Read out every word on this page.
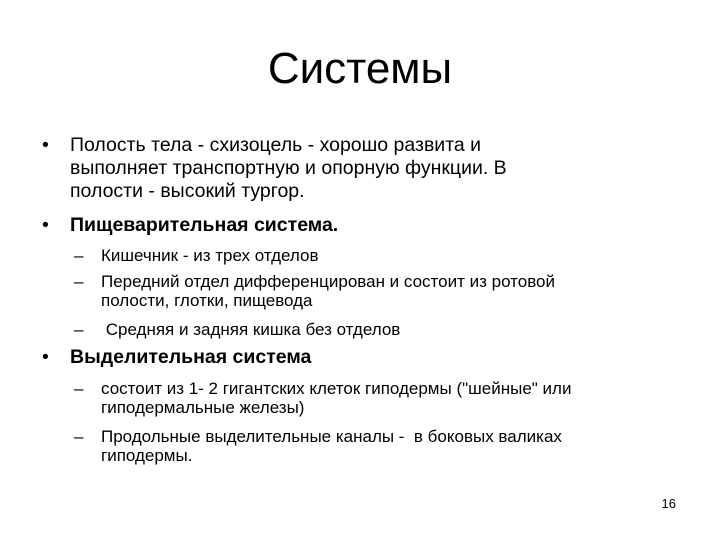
Системы
• Полость тела - схизоцель - хорошо развита и
выполняет транспортную и опорную функции. В
полости - высокий тургор.
• Пищеварительная система.
– Кишечник - из трех отделов
– Передний отдел дифференцирован и состоит из ротовой
полости, глотки, пищевода
– Средняя и задняя кишка без отделов
• Выделительная система
– состоит из 1- 2 гигантских клеток гиподермы ("шейные" или
гиподермальные железы)
– Продольные выделительные каналы -  в боковых валиках
гиподермы.
16
